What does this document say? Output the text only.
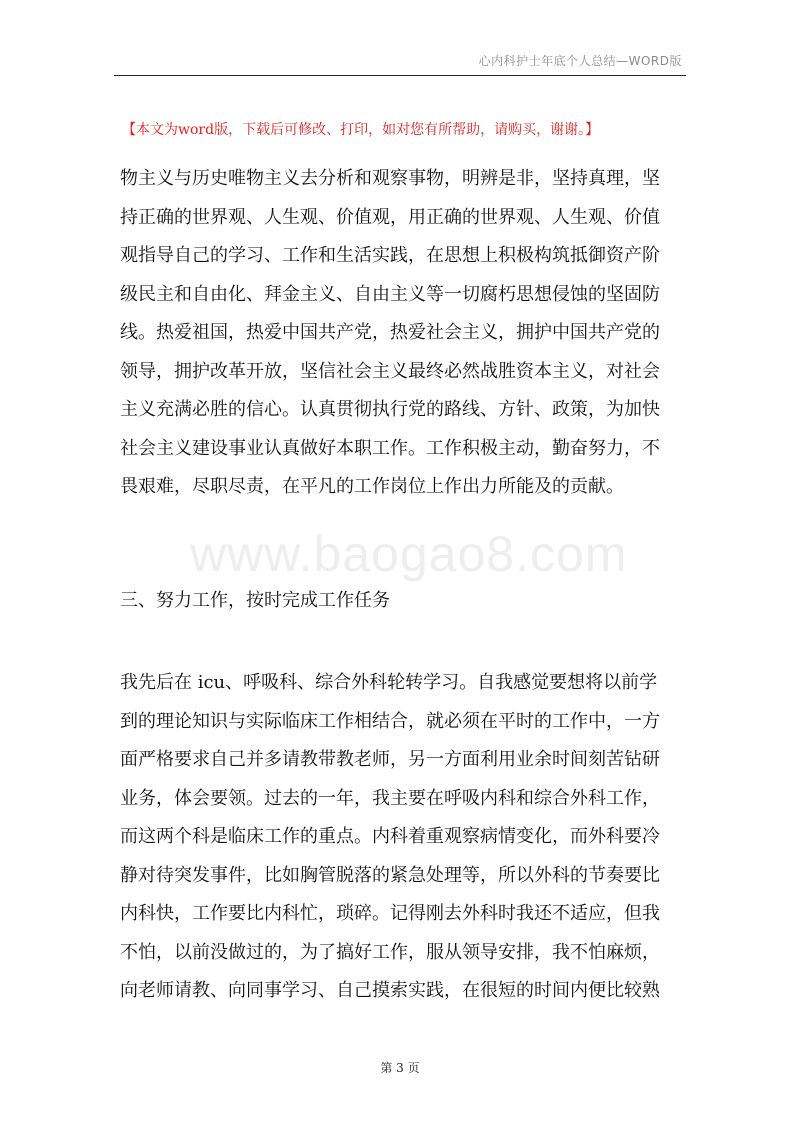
心内科护士年底个人总结—WORD版
【本文为word版，下载后可修改、打印，如对您有所帮助，请购买，谢谢。】
www.baogao8.com
物主义与历史唯物主义去分析和观察事物，明辨是非，坚持真理，坚
持正确的世界观、人生观、价值观，用正确的世界观、人生观、价值
观指导自己的学习、工作和生活实践，在思想上积极构筑抵御资产阶
级民主和自由化、拜金主义、自由主义等一切腐朽思想侵蚀的坚固防
线。热爱祖国，热爱中国共产党，热爱社会主义，拥护中国共产党的
领导，拥护改革开放，坚信社会主义最终必然战胜资本主义，对社会
主义充满必胜的信心。认真贯彻执行党的路线、方针、政策，为加快
社会主义建设事业认真做好本职工作。工作积极主动，勤奋努力，不
畏艰难，尽职尽责，在平凡的工作岗位上作出力所能及的贡献。
三、努力工作，按时完成工作任务
我先后在 icu、呼吸科、综合外科轮转学习。自我感觉要想将以前学
到的理论知识与实际临床工作相结合，就必须在平时的工作中，一方
面严格要求自己并多请教带教老师，另一方面利用业余时间刻苦钻研
业务，体会要领。过去的一年，我主要在呼吸内科和综合外科工作，
而这两个科是临床工作的重点。内科着重观察病情变化，而外科要冷
静对待突发事件，比如胸管脱落的紧急处理等，所以外科的节奏要比
内科快，工作要比内科忙，琐碎。记得刚去外科时我还不适应，但我
不怕，以前没做过的，为了搞好工作，服从领导安排，我不怕麻烦，
向老师请教、向同事学习、自己摸索实践，在很短的时间内便比较熟
第 3 页
